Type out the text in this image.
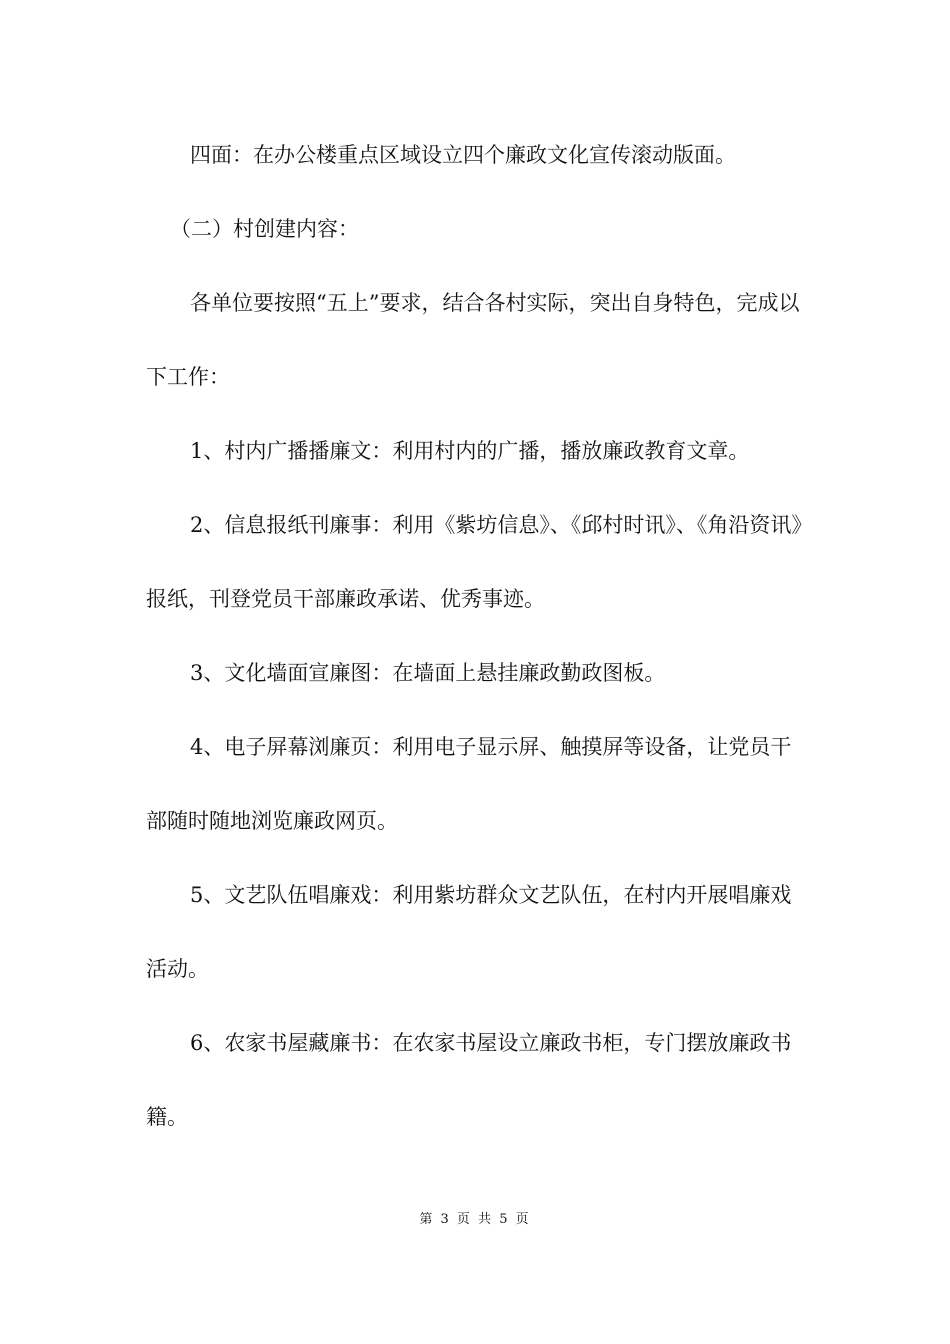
四面：在办公楼重点区域设立四个廉政文化宣传滚动版面。

（二）村创建内容：

各单位要按照“五上”要求，结合各村实际，突出自身特色，完成以下工作：

1、村内广播播廉文：利用村内的广播，播放廉政教育文章。

2、信息报纸刊廉事：利用《紫坊信息》、《邱村时讯》、《角沿资讯》报纸，刊登党员干部廉政承诺、优秀事迹。

3、文化墙面宣廉图：在墙面上悬挂廉政勤政图板。

4、电子屏幕浏廉页：利用电子显示屏、触摸屏等设备，让党员干部随时随地浏览廉政网页。

5、文艺队伍唱廉戏：利用紫坊群众文艺队伍，在村内开展唱廉戏活动。

6、农家书屋藏廉书：在农家书屋设立廉政书柜，专门摆放廉政书籍。

第 3 页 共 5 页
